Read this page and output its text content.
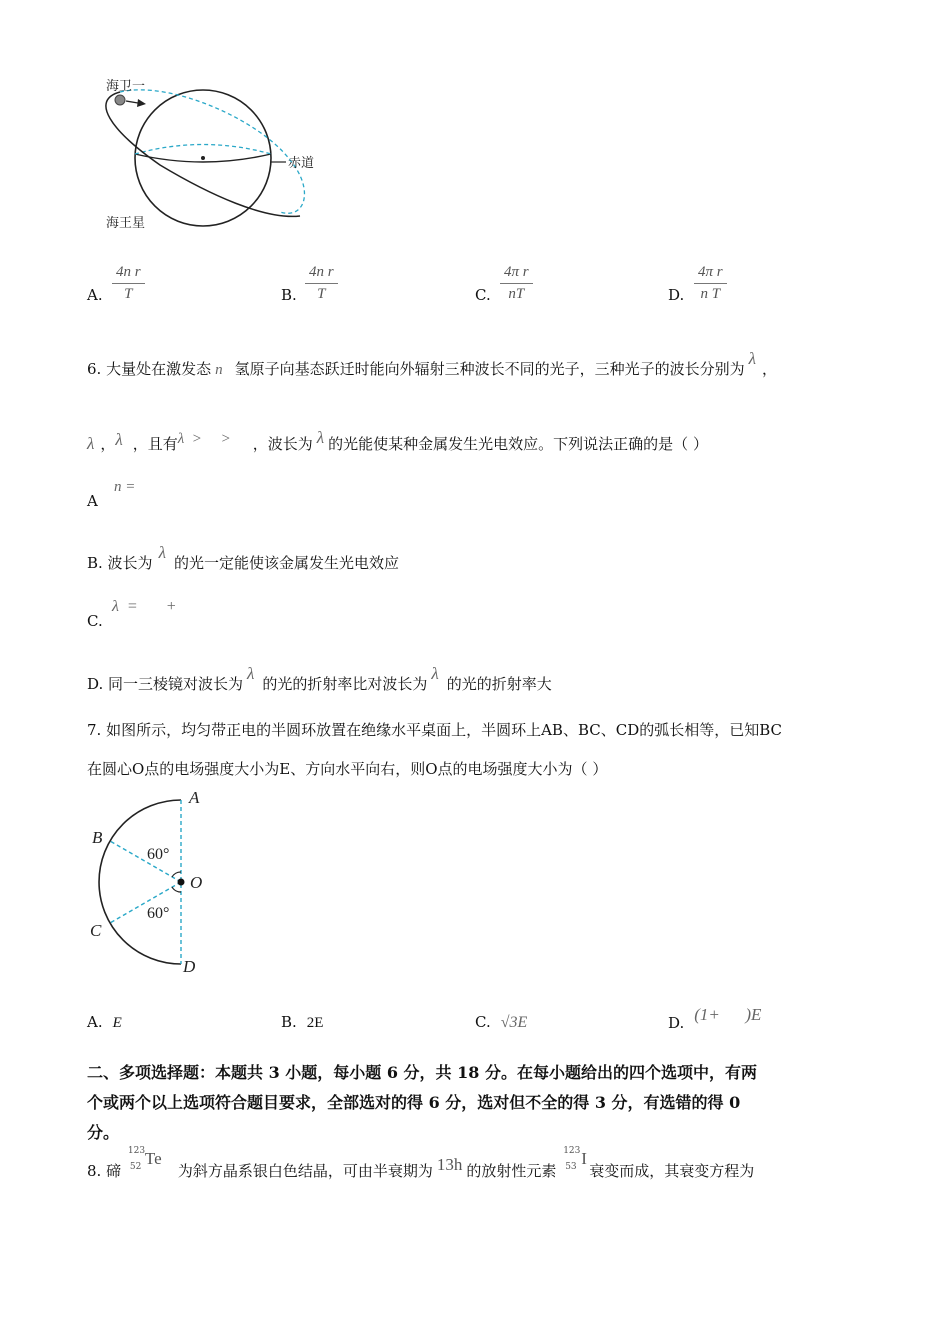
海卫一
赤道
海王星
A. $\frac{\text{4n r}}{T}$	B. $\frac{\text{4n r}}{T}$	C. $\frac{\text{4π r}}{nT}$	D. $\frac{\text{4π r}}{\text{n T}}$
6. 大量处在激发态 n 氢原子向基态跃迁时能向外辐射三种波长不同的光子，三种光子的波长分别为λ，
λ ，λ ，且有λ  >     > ，波长为 λ 的光能使某种金属发生光电效应。下列说法正确的是（ ）
A
n =
B. 波长为λ的光一定能使该金属发生光电效应
C.
λ  =       +
D. 同一三棱镜对波长为λ的光的折射率比对波长为λ的光的折射率大
7. 如图所示，均匀带正电的半圆环放置在绝缘水平桌面上，半圆环上AB、BC、CD的弧长相等，已知BC
在圆心O点的电场强度大小为E、方向水平向右，则O点的电场强度大小为（ ）
A
B
C
D
O
60°
60°
A. E	B. 2E	C. √3E	D. (1+      )E
二、多项选择题：本题共 3 小题，每小题 6 分，共 18 分。在每小题给出的四个选项中，有两
个或两个以上选项符合题目要求，全部选对的得 6 分，选对但不全的得 3 分，有选错的得 0
分。
8. 碲
123
52 Te
为斜方晶系银白色结晶，可由半衰期为 13h 的放射性元素
123
53 I
衰变而成，其衰变方程为
